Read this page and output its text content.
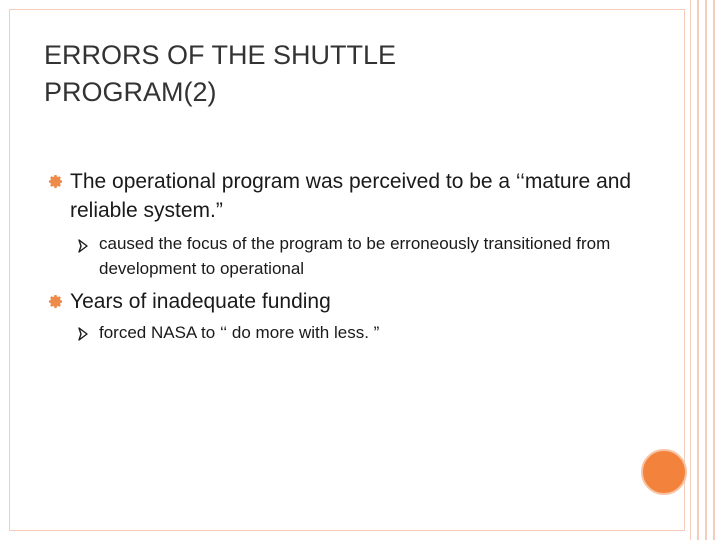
ERRORS OF THE SHUTTLE
PROGRAM(2)
The operational program was perceived to be a ‘‘mature and reliable system.”
caused the focus of the program to be erroneously transitioned from development to operational
Years of inadequate funding
forced NASA to ‘‘ do more with less. ”
